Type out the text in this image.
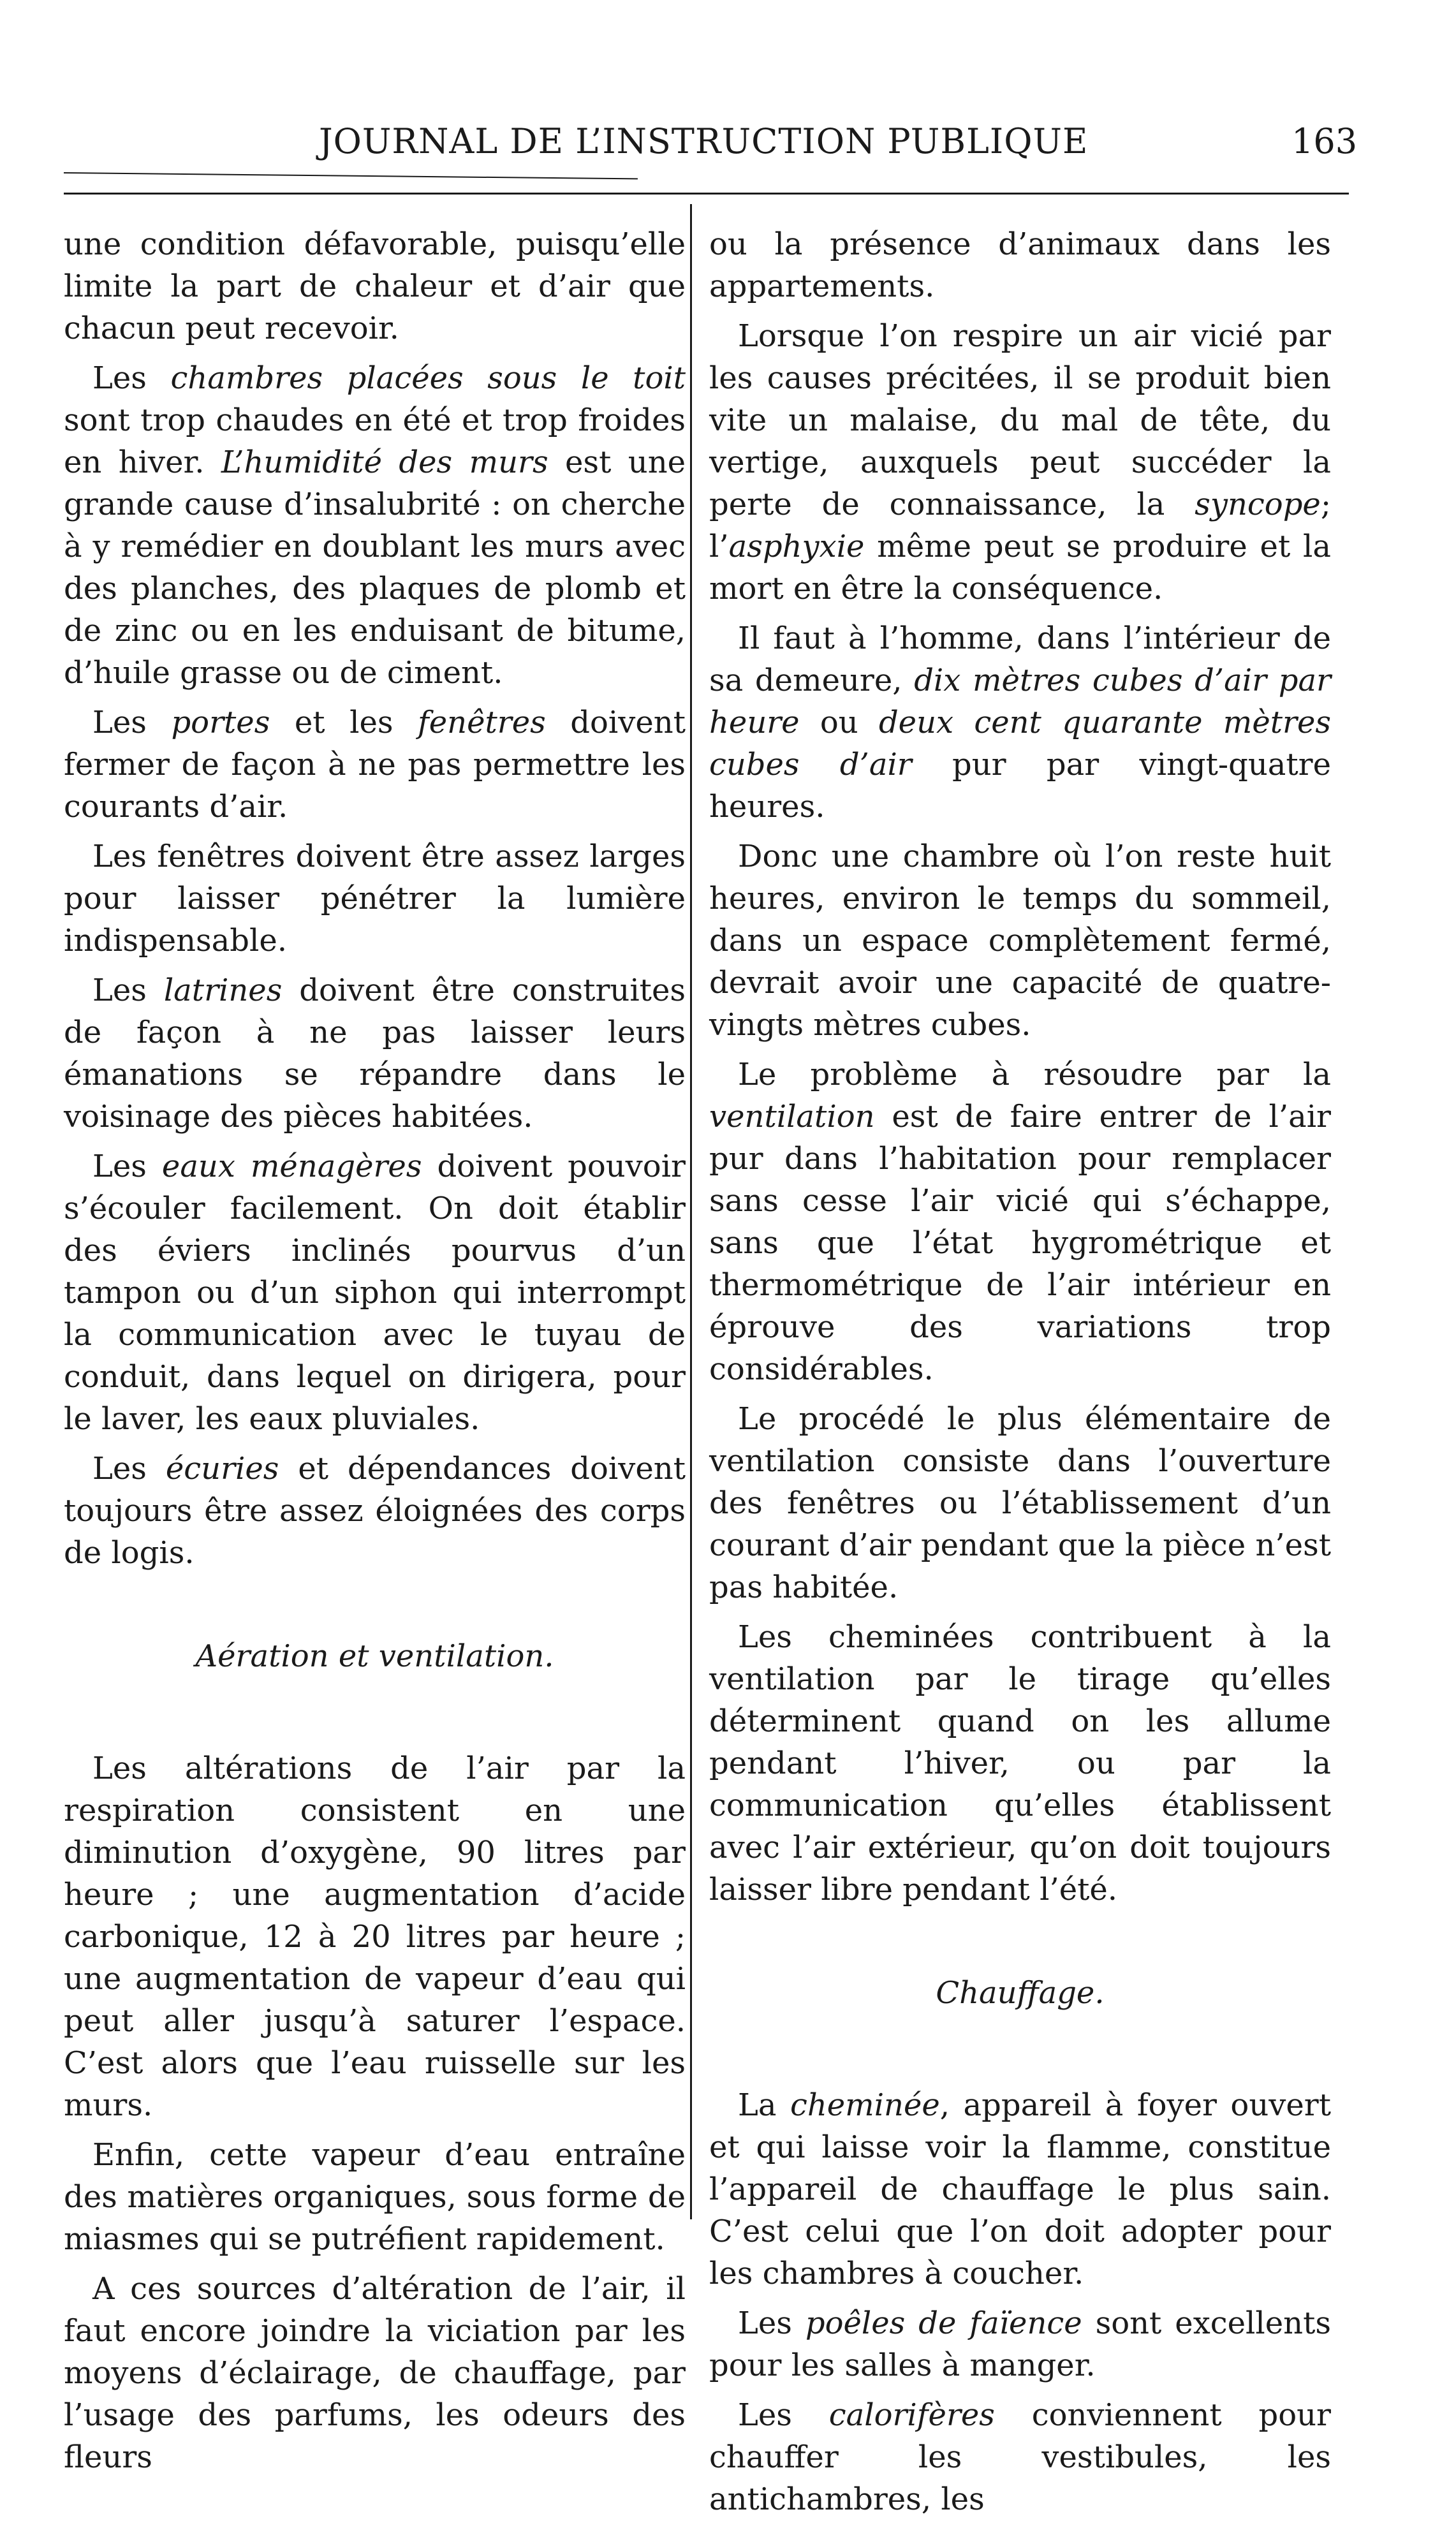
JOURNAL DE L’INSTRUCTION PUBLIQUE	163

une condition défavorable, puisqu’elle limite la part de chaleur et d’air que chacun peut recevoir.

Les chambres placées sous le toit sont trop chaudes en été et trop froides en hiver. L’humidité des murs est une grande cause d’insalubrité : on cherche à y remédier en doublant les murs avec des planches, des plaques de plomb et de zinc ou en les enduisant de bitume, d’huile grasse ou de ciment.

Les portes et les fenêtres doivent fermer de façon à ne pas permettre les courants d’air.

Les fenêtres doivent être assez larges pour laisser pénétrer la lumière indispensable.

Les latrines doivent être construites de façon à ne pas laisser leurs émanations se répandre dans le voisinage des pièces habitées.

Les eaux ménagères doivent pouvoir s’écouler facilement. On doit établir des éviers inclinés pourvus d’un tampon ou d’un siphon qui interrompt la communication avec le tuyau de conduit, dans lequel on dirigera, pour le laver, les eaux pluviales.

Les écuries et dépendances doivent toujours être assez éloignées des corps de logis.

Aération et ventilation.

Les altérations de l’air par la respiration consistent en une diminution d’oxygène, 90 litres par heure ; une augmentation d’acide carbonique, 12 à 20 litres par heure ; une augmentation de vapeur d’eau qui peut aller jusqu’à saturer l’espace. C’est alors que l’eau ruisselle sur les murs.

Enfin, cette vapeur d’eau entraîne des matières organiques, sous forme de miasmes qui se putréfient rapidement.

A ces sources d’altération de l’air, il faut encore joindre la viciation par les moyens d’éclairage, de chauffage, par l’usage des parfums, les odeurs des fleurs

ou la présence d’animaux dans les appartements.

Lorsque l’on respire un air vicié par les causes précitées, il se produit bien vite un malaise, du mal de tête, du vertige, auxquels peut succéder la perte de connaissance, la syncope; l’asphyxie même peut se produire et la mort en être la conséquence.

Il faut à l’homme, dans l’intérieur de sa demeure, dix mètres cubes d’air par heure ou deux cent quarante mètres cubes d’air pur par vingt-quatre heures.

Donc une chambre où l’on reste huit heures, environ le temps du sommeil, dans un espace complètement fermé, devrait avoir une capacité de quatre-vingts mètres cubes.

Le problème à résoudre par la ventilation est de faire entrer de l’air pur dans l’habitation pour remplacer sans cesse l’air vicié qui s’échappe, sans que l’état hygrométrique et thermométrique de l’air intérieur en éprouve des variations trop considérables.

Le procédé le plus élémentaire de ventilation consiste dans l’ouverture des fenêtres ou l’établissement d’un courant d’air pendant que la pièce n’est pas habitée.

Les cheminées contribuent à la ventilation par le tirage qu’elles déterminent quand on les allume pendant l’hiver, ou par la communication qu’elles établissent avec l’air extérieur, qu’on doit toujours laisser libre pendant l’été.

Chauffage.

La cheminée, appareil à foyer ouvert et qui laisse voir la flamme, constitue l’appareil de chauffage le plus sain. C’est celui que l’on doit adopter pour les chambres à coucher.

Les poêles de faïence sont excellents pour les salles à manger.

Les calorifères conviennent pour chauffer les vestibules, les antichambres, les
